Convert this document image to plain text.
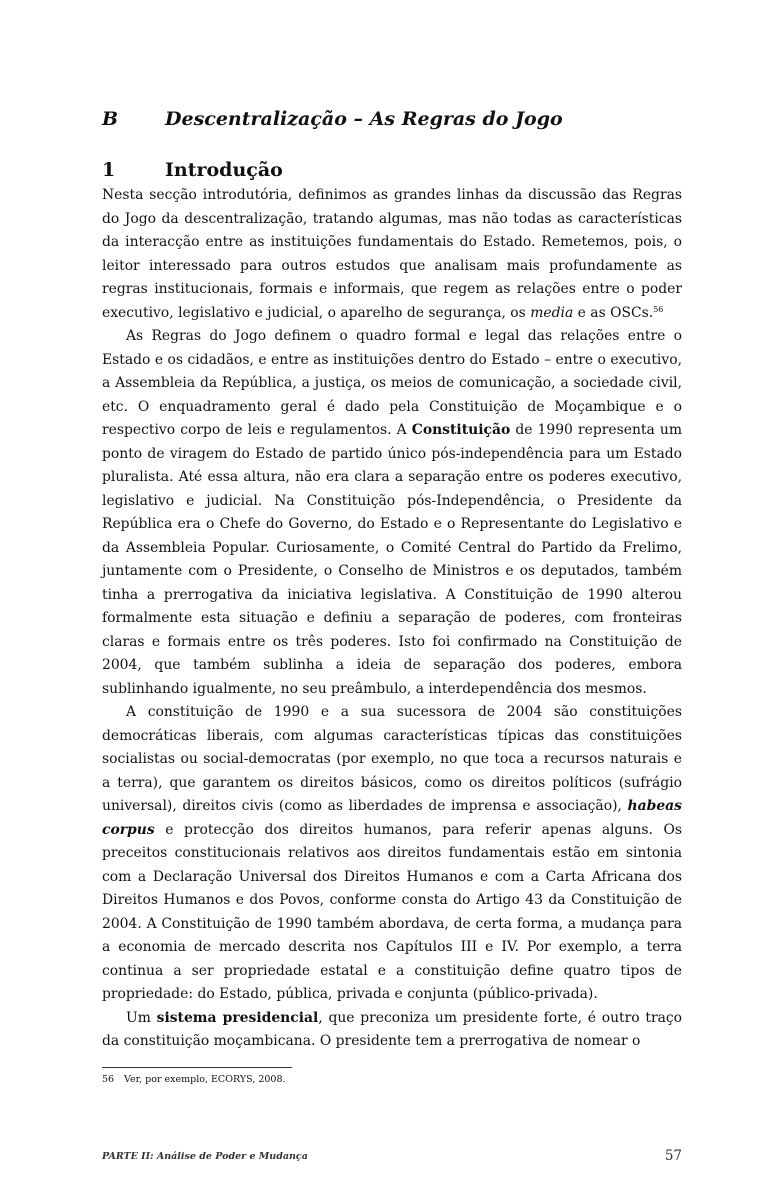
B Descentralização – As Regras do Jogo
1	Introdução

Nesta secção introdutória, definimos as grandes linhas da discussão das Regras do Jogo da descentralização, tratando algumas, mas não todas as características da interacção entre as instituições fundamentais do Estado. Remetemos, pois, o leitor interessado para outros estudos que analisam mais profundamente as regras institucionais, formais e informais, que regem as relações entre o poder executivo, legislativo e judicial, o aparelho de segurança, os media e as OSCs.$^{56}$

As Regras do Jogo definem o quadro formal e legal das relações entre o Estado e os cidadãos, e entre as instituições dentro do Estado – entre o executivo, a Assembleia da República, a justiça, os meios de comunicação, a sociedade civil, etc. O enquadramento geral é dado pela Constituição de Moçambique e o respectivo corpo de leis e regulamentos. A Constituição de 1990 representa um ponto de viragem do Estado de partido único pós-independência para um Estado pluralista. Até essa altura, não era clara a separação entre os poderes executivo, legislativo e judicial. Na Constituição pós-Independência, o Presidente da República era o Chefe do Governo, do Estado e o Representante do Legislativo e da Assembleia Popular. Curiosamente, o Comité Central do Partido da Frelimo, juntamente com o Presidente, o Conselho de Ministros e os deputados, também tinha a prerrogativa da iniciativa legislativa. A Constituição de 1990 alterou formalmente esta situação e definiu a separação de poderes, com fronteiras claras e formais entre os três poderes. Isto foi confirmado na Constituição de 2004, que também sublinha a ideia de separação dos poderes, embora sublinhando igualmente, no seu preâmbulo, a interdependência dos mesmos.

A constituição de 1990 e a sua sucessora de 2004 são constituições democráticas liberais, com algumas características típicas das constituições socialistas ou social-democratas (por exemplo, no que toca a recursos naturais e a terra), que garantem os direitos básicos, como os direitos políticos (sufrágio universal), direitos civis (como as liberdades de imprensa e associação), habeas corpus e protecção dos direitos humanos, para referir apenas alguns. Os preceitos constitucionais relativos aos direitos fundamentais estão em sintonia com a Declaração Universal dos Direitos Humanos e com a Carta Africana dos Direitos Humanos e dos Povos, conforme consta do Artigo 43 da Constituição de 2004. A Constituição de 1990 também abordava, de certa forma, a mudança para a economia de mercado descrita nos Capítulos III e IV. Por exemplo, a terra continua a ser propriedade estatal e a constituição define quatro tipos de propriedade: do Estado, pública, privada e conjunta (público-privada).

Um sistema presidencial, que preconiza um presidente forte, é outro traço da constituição moçambicana. O presidente tem a prerrogativa de nomear o

56 Ver, por exemplo, ECORYS, 2008.
PARTE II: Análise de Poder e Mudança	57
